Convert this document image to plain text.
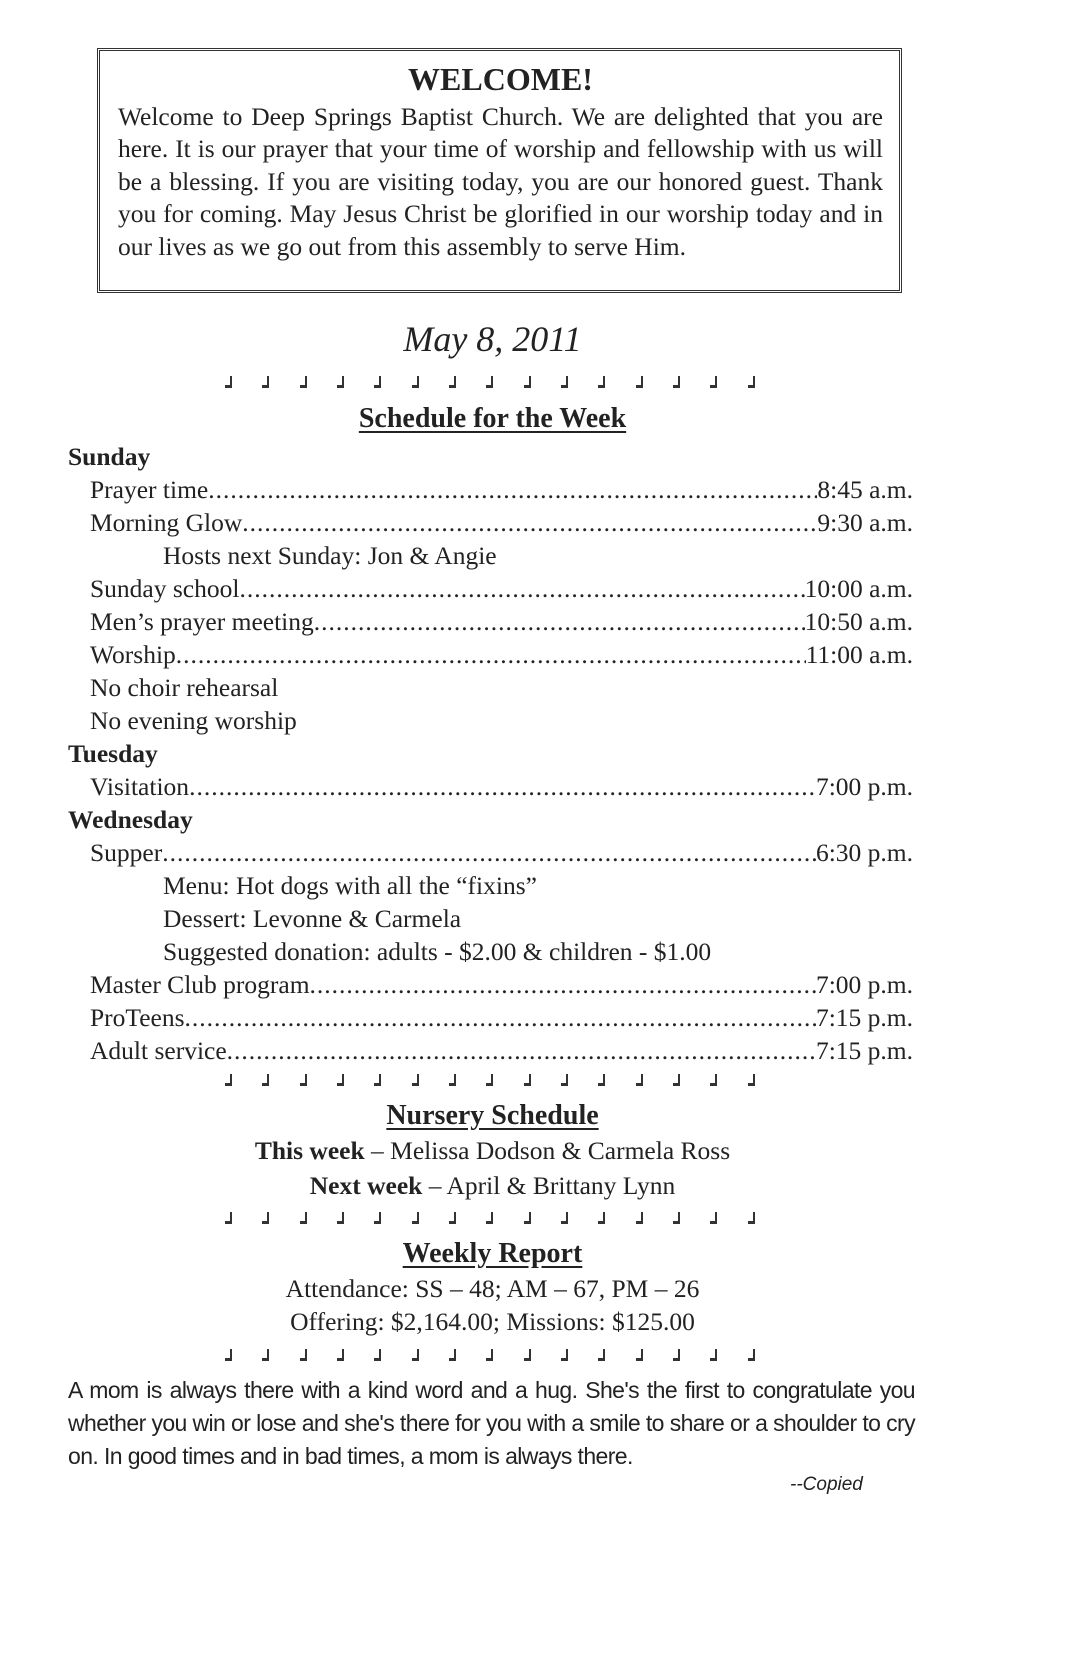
WELCOME!

Welcome to Deep Springs Baptist Church. We are delighted that you are here. It is our prayer that your time of worship and fellowship with us will be a blessing. If you are visiting today, you are our honored guest. Thank you for coming. May Jesus Christ be glorified in our worship today and in our lives as we go out from this assembly to serve Him.

May 8, 2011
Schedule for the Week
Sunday
Prayer time .....	8:45 a.m.
Morning Glow .....	9:30 a.m.
Hosts next Sunday: Jon & Angie
Sunday school .....	10:00 a.m.
Men’s prayer meeting .....	10:50 a.m.
Worship .....	11:00 a.m.
No choir rehearsal
No evening worship
Tuesday
Visitation .....	7:00 p.m.
Wednesday
Supper .....	6:30 p.m.
Menu: Hot dogs with all the “fixins”
Dessert: Levonne & Carmela
Suggested donation: adults - $2.00 & children - $1.00
Master Club program .....	7:00 p.m.
ProTeens .....	7:15 p.m.
Adult service .....	7:15 p.m.
Nursery Schedule
This week – Melissa Dodson & Carmela Ross
Next week – April & Brittany Lynn
Weekly Report
Attendance: SS – 48; AM – 67, PM – 26
Offering: $2,164.00; Missions: $125.00
A mom is always there with a kind word and a hug. She's the first to congratulate you whether you win or lose and she's there for you with a smile to share or a shoulder to cry on. In good times and in bad times, a mom is always there.
--Copied
